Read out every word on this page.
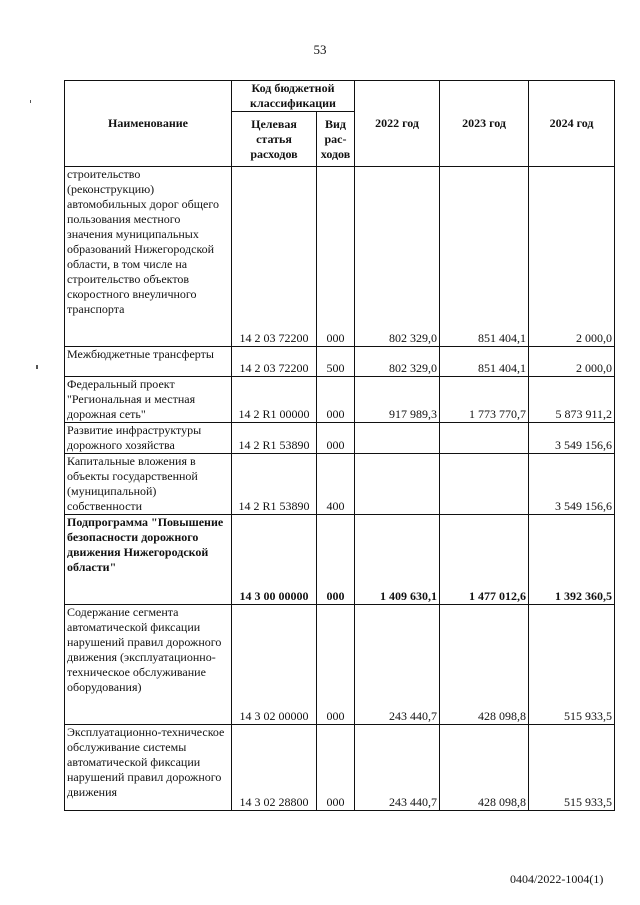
53
Наименование	Код бюджетной классификации		2022 год	2023 год	2024 год
	Целевая статья расходов	Вид рас-ходов			
строительство (реконструкцию) автомобильных дорог общего пользования местного значения муниципальных образований Нижегородской области, в том числе на строительство объектов скоростного внеуличного транспорта	14 2 03 72200	000	802 329,0	851 404,1	2 000,0
Межбюджетные трансферты	14 2 03 72200	500	802 329,0	851 404,1	2 000,0
Федеральный проект "Региональная и местная дорожная сеть"	14 2 R1 00000	000	917 989,3	1 773 770,7	5 873 911,2
Развитие инфраструктуры дорожного хозяйства	14 2 R1 53890	000			3 549 156,6
Капитальные вложения в объекты государственной (муниципальной) собственности	14 2 R1 53890	400			3 549 156,6
Подпрограмма "Повышение безопасности дорожного движения Нижегородской области"	14 3 00 00000	000	1 409 630,1	1 477 012,6	1 392 360,5
Содержание сегмента автоматической фиксации нарушений правил дорожного движения (эксплуатационно-техническое обслуживание оборудования)	14 3 02 00000	000	243 440,7	428 098,8	515 933,5
Эксплуатационно-техническое обслуживание системы автоматической фиксации нарушений правил дорожного движения	14 3 02 28800	000	243 440,7	428 098,8	515 933,5
0404/2022-1004(1)
